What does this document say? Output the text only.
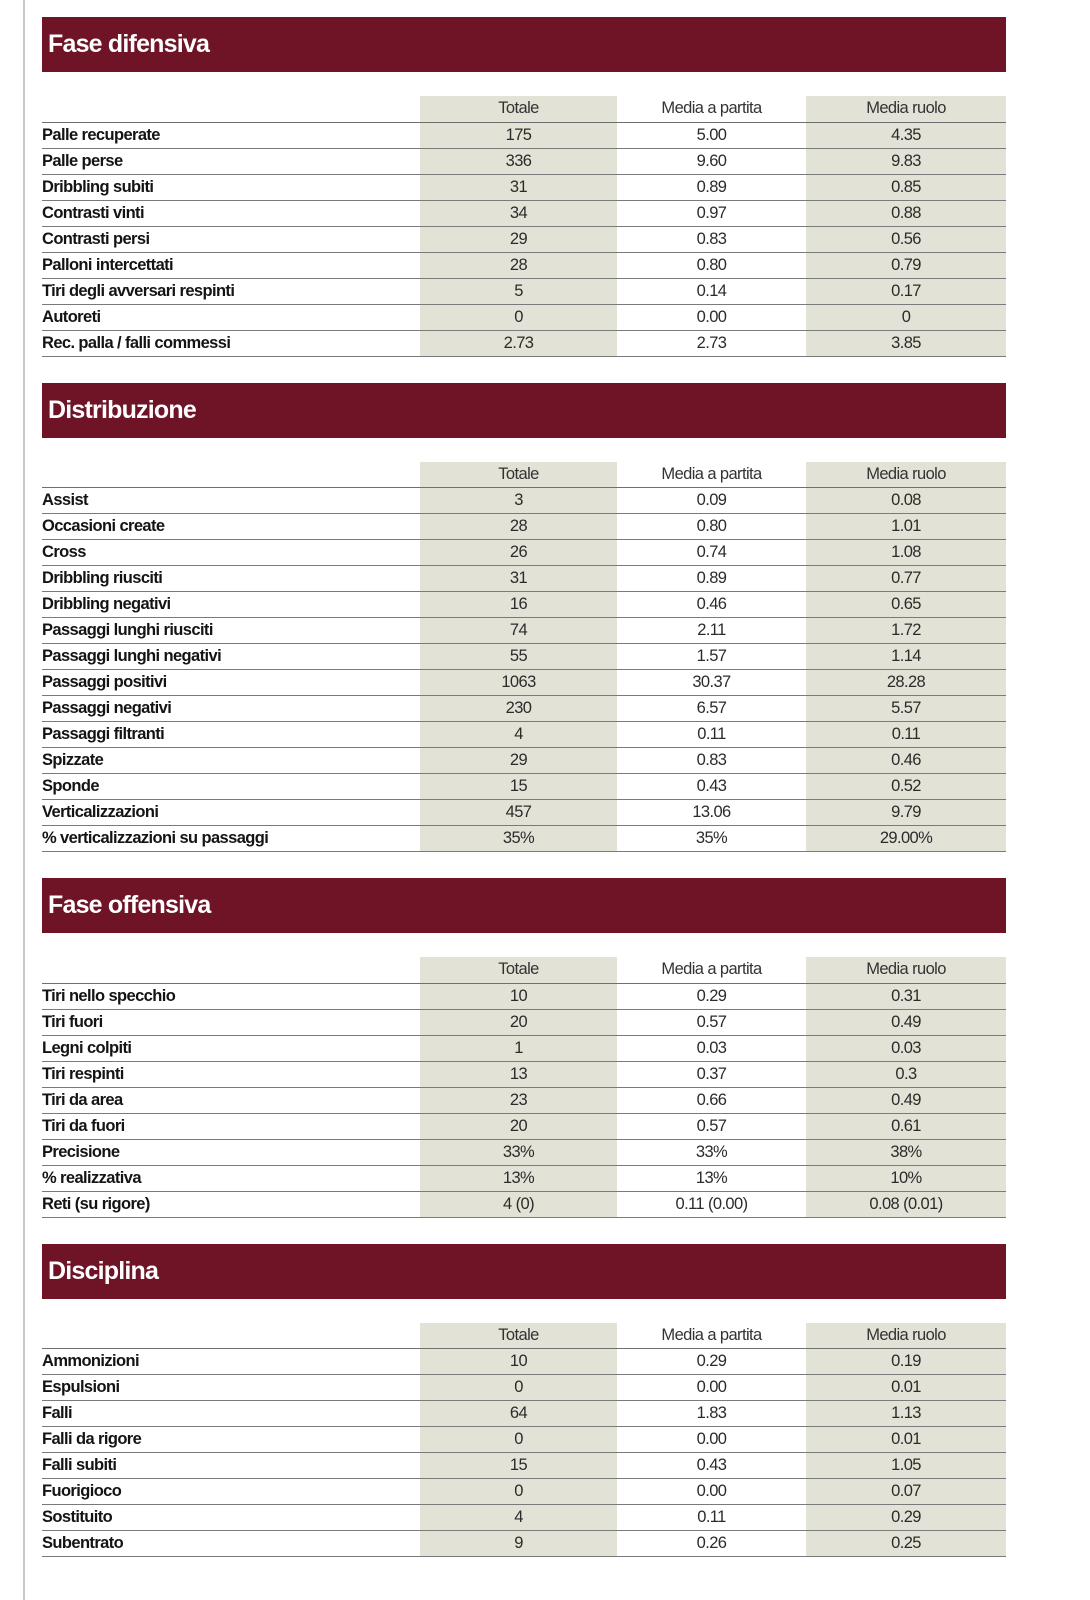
Fase difensiva
	Totale	Media a partita	Media ruolo
Palle recuperate	175	5.00	4.35
Palle perse	336	9.60	9.83
Dribbling subiti	31	0.89	0.85
Contrasti vinti	34	0.97	0.88
Contrasti persi	29	0.83	0.56
Palloni intercettati	28	0.80	0.79
Tiri degli avversari respinti	5	0.14	0.17
Autoreti	0	0.00	0
Rec. palla / falli commessi	2.73	2.73	3.85
Distribuzione
	Totale	Media a partita	Media ruolo
Assist	3	0.09	0.08
Occasioni create	28	0.80	1.01
Cross	26	0.74	1.08
Dribbling riusciti	31	0.89	0.77
Dribbling negativi	16	0.46	0.65
Passaggi lunghi riusciti	74	2.11	1.72
Passaggi lunghi negativi	55	1.57	1.14
Passaggi positivi	1063	30.37	28.28
Passaggi negativi	230	6.57	5.57
Passaggi filtranti	4	0.11	0.11
Spizzate	29	0.83	0.46
Sponde	15	0.43	0.52
Verticalizzazioni	457	13.06	9.79
% verticalizzazioni su passaggi	35%	35%	29.00%
Fase offensiva
	Totale	Media a partita	Media ruolo
Tiri nello specchio	10	0.29	0.31
Tiri fuori	20	0.57	0.49
Legni colpiti	1	0.03	0.03
Tiri respinti	13	0.37	0.3
Tiri da area	23	0.66	0.49
Tiri da fuori	20	0.57	0.61
Precisione	33%	33%	38%
% realizzativa	13%	13%	10%
Reti (su rigore)	4 (0)	0.11 (0.00)	0.08 (0.01)
Disciplina
	Totale	Media a partita	Media ruolo
Ammonizioni	10	0.29	0.19
Espulsioni	0	0.00	0.01
Falli	64	1.83	1.13
Falli da rigore	0	0.00	0.01
Falli subiti	15	0.43	1.05
Fuorigioco	0	0.00	0.07
Sostituito	4	0.11	0.29
Subentrato	9	0.26	0.25
